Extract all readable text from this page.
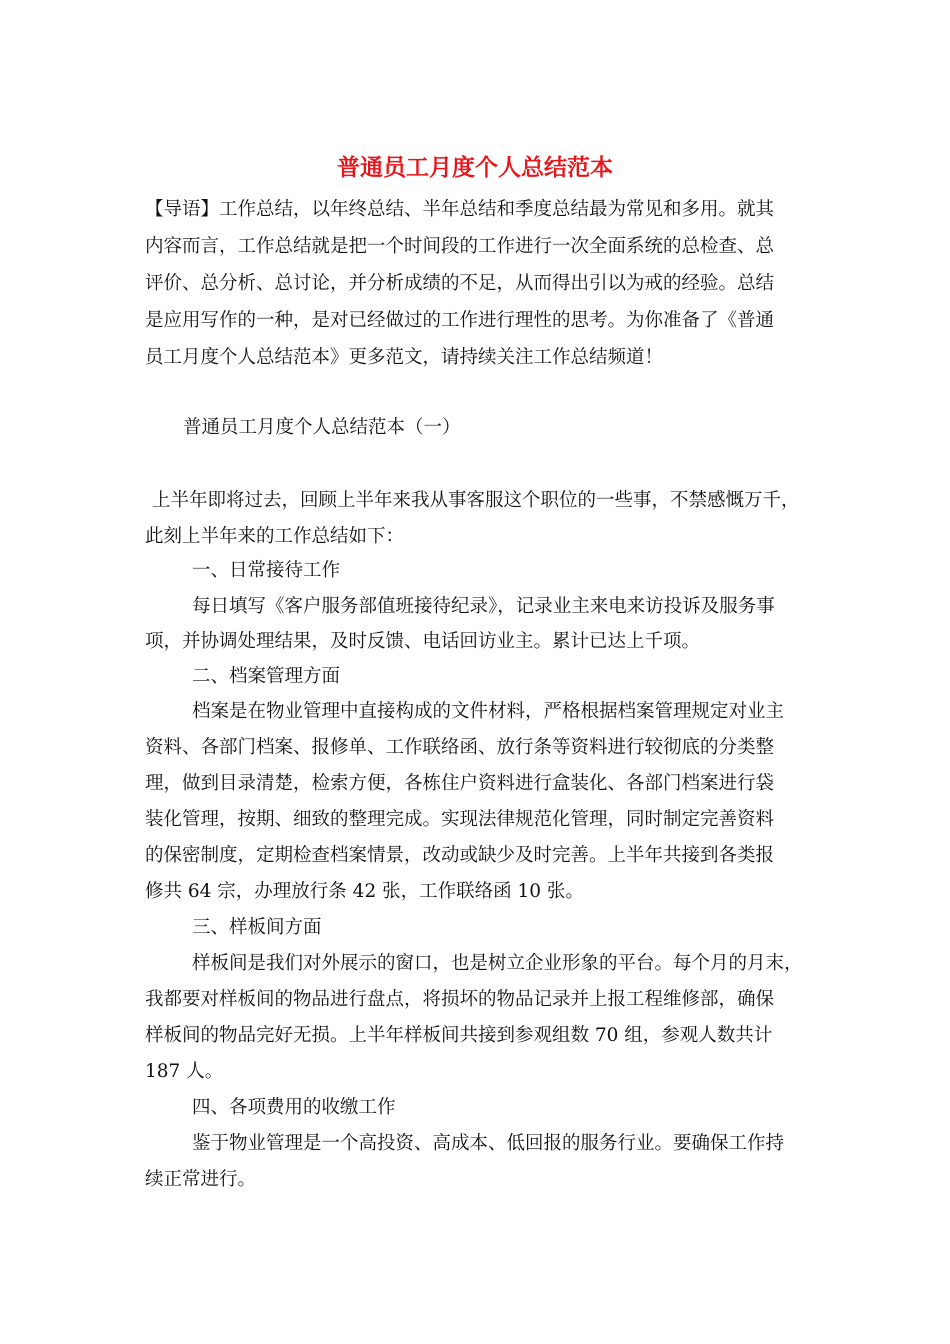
普通员工月度个人总结范本
【导语】工作总结，以年终总结、半年总结和季度总结最为常见和多用。就其
内容而言，工作总结就是把一个时间段的工作进行一次全面系统的总检查、总
评价、总分析、总讨论，并分析成绩的不足，从而得出引以为戒的经验。总结
是应用写作的一种，是对已经做过的工作进行理性的思考。为你准备了《普通
员工月度个人总结范本》更多范文，请持续关注工作总结频道！
普通员工月度个人总结范本（一）
上半年即将过去，回顾上半年来我从事客服这个职位的一些事，不禁感慨万千，
此刻上半年来的工作总结如下：
一、日常接待工作
每日填写《客户服务部值班接待纪录》，记录业主来电来访投诉及服务事
项，并协调处理结果，及时反馈、电话回访业主。累计已达上千项。
二、档案管理方面
档案是在物业管理中直接构成的文件材料，严格根据档案管理规定对业主
资料、各部门档案、报修单、工作联络函、放行条等资料进行较彻底的分类整
理，做到目录清楚，检索方便，各栋住户资料进行盒装化、各部门档案进行袋
装化管理，按期、细致的整理完成。实现法律规范化管理，同时制定完善资料
的保密制度，定期检查档案情景，改动或缺少及时完善。上半年共接到各类报
修共 64 宗，办理放行条 42 张，工作联络函 10 张。
三、样板间方面
样板间是我们对外展示的窗口，也是树立企业形象的平台。每个月的月末，
我都要对样板间的物品进行盘点，将损坏的物品记录并上报工程维修部，确保
样板间的物品完好无损。上半年样板间共接到参观组数 70 组，参观人数共计
187 人。
四、各项费用的收缴工作
鉴于物业管理是一个高投资、高成本、低回报的服务行业。要确保工作持
续正常进行。
